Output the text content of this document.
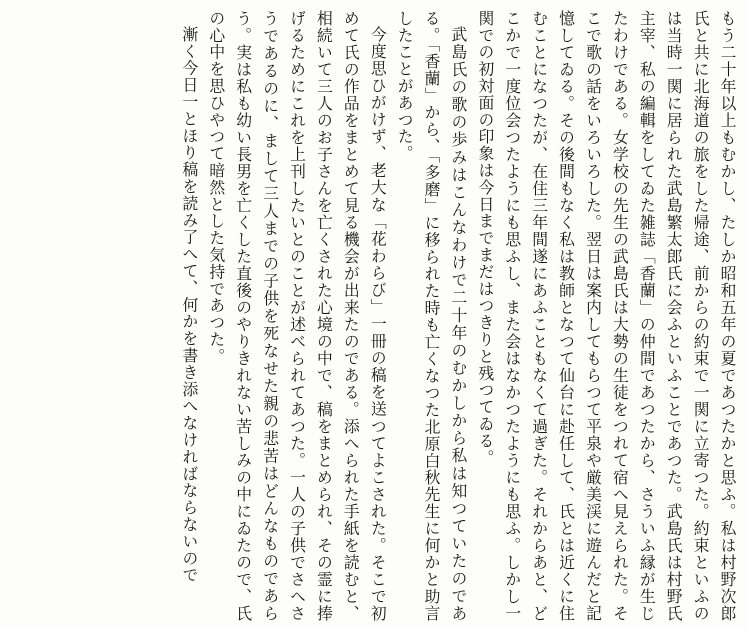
もう二十年以上もむかし、たしか昭和五年の夏であつたかと思ふ。私は村野次郎氏と共に北海道の旅をした帰途、前からの約束で一関に立寄つた。約束といふのは当時一関に居られた武島繁太郎氏に会ふといふことであつた。武島氏は村野氏主宰、私の編輯をしてゐた雑誌「香蘭」の仲間であつたから、さういふ縁が生じたわけである。女学校の先生の武島氏は大勢の生徒をつれて宿へ見えられた。そこで歌の話をいろいろした。翌日は案内してもらつて平泉や厳美渓に遊んだと記憶してゐる。その後間もなく私は教師となつて仙台に赴任して、氏とは近くに住むことになつたが、在住三年間遂にあふこともなくて過ぎた。それからあと、どこかで一度位会つたようにも思ふし、また会はなかつたようにも思ふ。しかし一関での初対面の印象は今日までまだはつきりと残つてゐる。

武島氏の歌の歩みはこんなわけで二十年のむかしから私は知つていたのである。「香蘭」から、「多磨」に移られた時も亡くなつた北原白秋先生に何かと助言したことがあつた。

今度思ひがけず、老大な「花わらび」一冊の稿を送つてよこされた。そこで初めて氏の作品をまとめて見る機会が出来たのである。添へられた手紙を読むと、相続いて三人のお子さんを亡くされた心境の中で、稿をまとめられ、その霊に捧げるためにこれを上刊したいとのことが述べられてあつた。一人の子供でさへさうであるのに、まして三人までの子供を死なせた親の悲苦はどんなものであらう。実は私も幼い長男を亡くした直後のやりきれない苦しみの中にゐたので、氏の心中を思ひやつて暗然とした気持であつた。

漸く今日一とほり稿を読み了へて、何かを書き添へなければならないので
